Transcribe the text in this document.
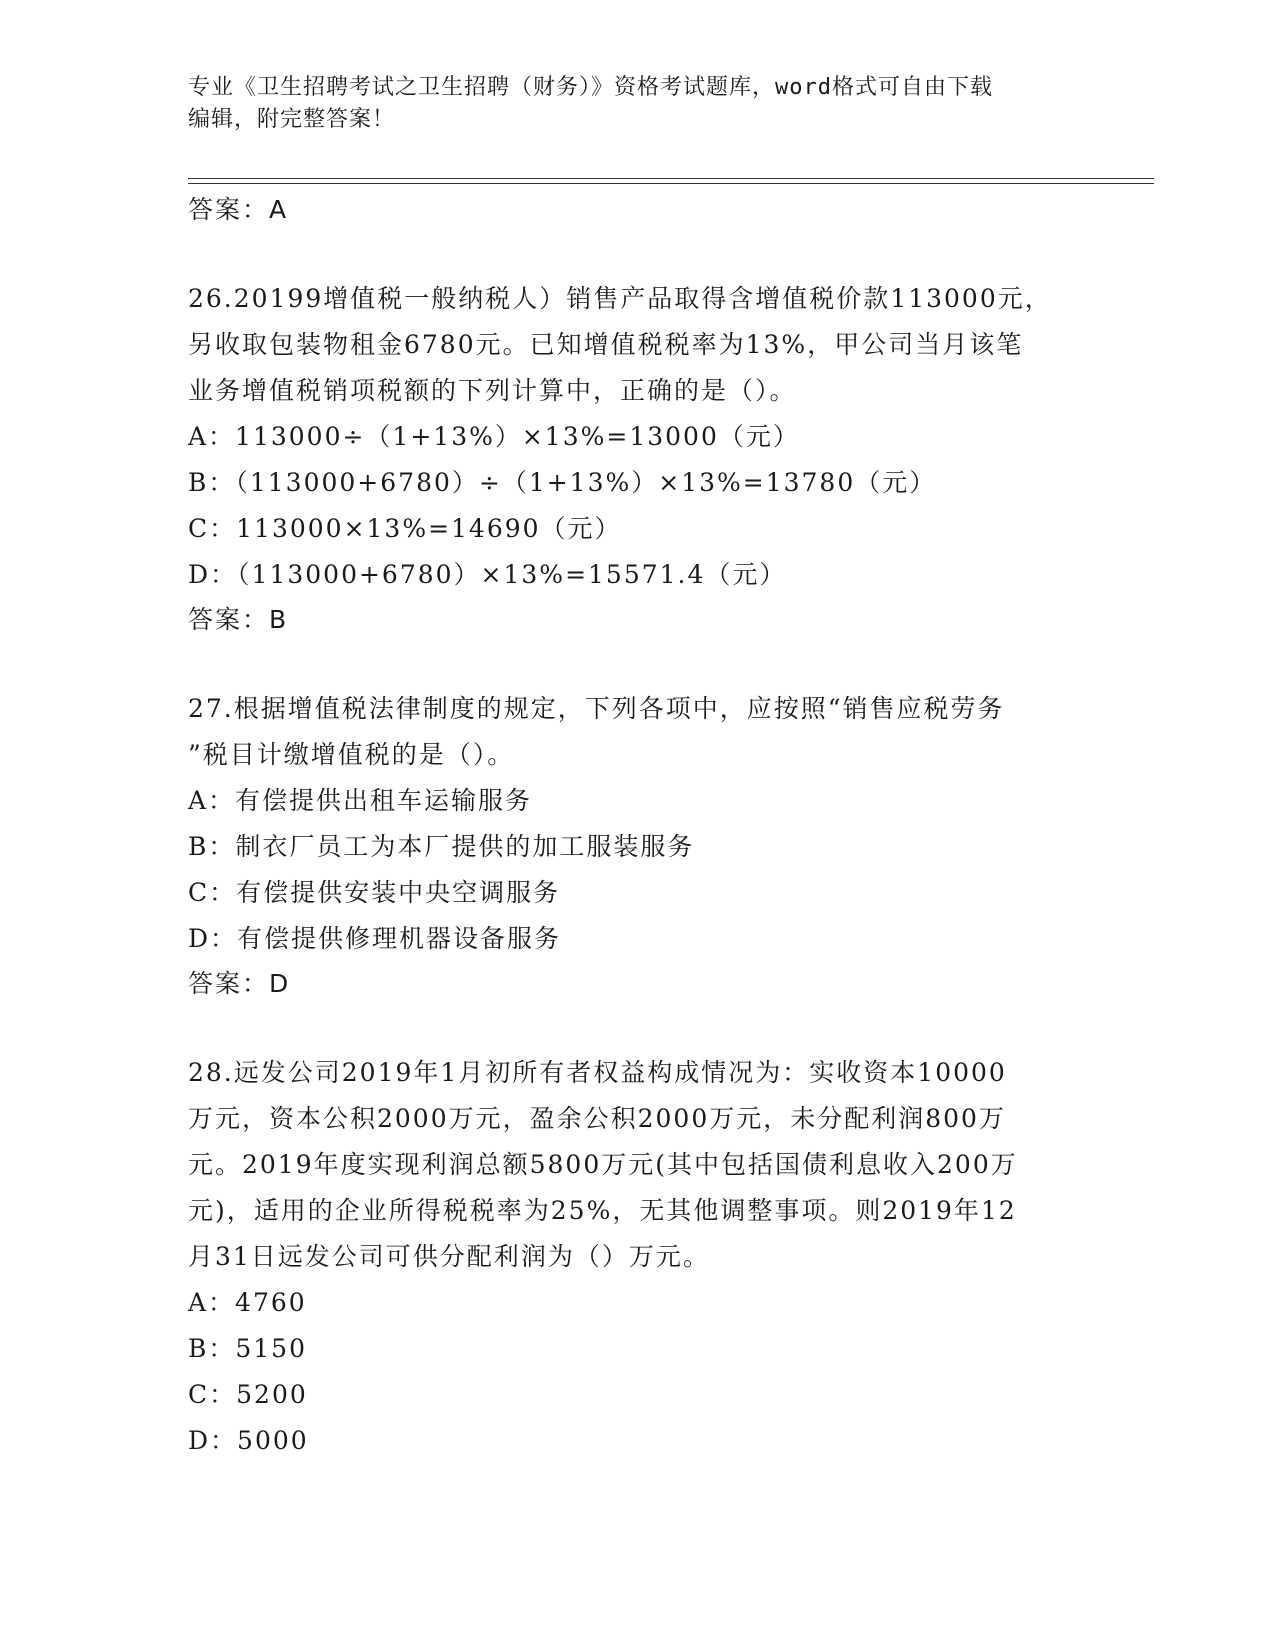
专业《卫生招聘考试之卫生招聘（财务）》资格考试题库，word格式可自由下载
编辑，附完整答案！
答案：A
26.20199增值税一般纳税人）销售产品取得含增值税价款113000元，
另收取包装物租金6780元。已知增值税税率为13%，甲公司当月该笔
业务增值税销项税额的下列计算中，正确的是（）。
A：113000÷（1+13%）×13%=13000（元）
B：（113000+6780）÷（1+13%）×13%=13780（元）
C：113000×13%=14690（元）
D：（113000+6780）×13%=15571.4（元）
答案：B
27.根据增值税法律制度的规定，下列各项中，应按照“销售应税劳务
”税目计缴增值税的是（）。
A：有偿提供出租车运输服务
B：制衣厂员工为本厂提供的加工服装服务
C：有偿提供安装中央空调服务
D：有偿提供修理机器设备服务
答案：D
28.远发公司2019年1月初所有者权益构成情况为：实收资本10000
万元，资本公积2000万元，盈余公积2000万元，未分配利润800万
元。2019年度实现利润总额5800万元(其中包括国债利息收入200万
元)，适用的企业所得税税率为25%，无其他调整事项。则2019年12
月31日远发公司可供分配利润为（）万元。
A：4760
B：5150
C：5200
D：5000
